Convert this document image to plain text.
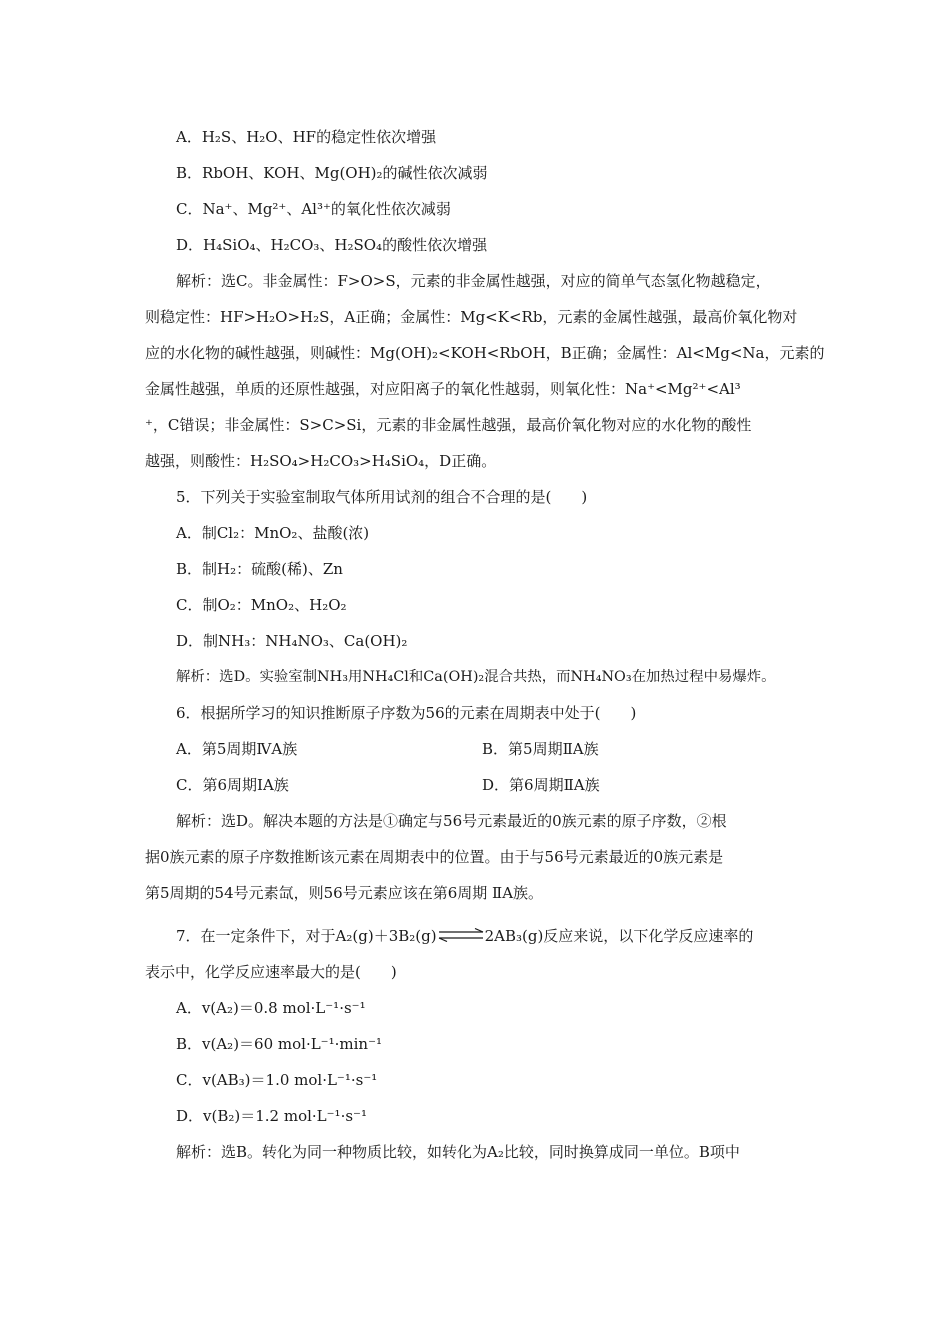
A．H₂S、H₂O、HF的稳定性依次增强
B．RbOH、KOH、Mg(OH)₂的碱性依次减弱
C．Na⁺、Mg²⁺、Al³⁺的氧化性依次减弱
D．H₄SiO₄、H₂CO₃、H₂SO₄的酸性依次增强
解析：选C。非金属性：F>O>S，元素的非金属性越强，对应的简单气态氢化物越稳定，
则稳定性：HF>H₂O>H₂S，A正确；金属性：Mg<K<Rb，元素的金属性越强，最高价氧化物对
应的水化物的碱性越强，则碱性：Mg(OH)₂<KOH<RbOH，B正确；金属性：Al<Mg<Na，元素的
金属性越强，单质的还原性越强，对应阳离子的氧化性越弱，则氧化性：Na⁺<Mg²⁺<Al³
⁺，C错误；非金属性：S>C>Si，元素的非金属性越强，最高价氧化物对应的水化物的酸性
越强，则酸性：H₂SO₄>H₂CO₃>H₄SiO₄，D正确。
5．下列关于实验室制取气体所用试剂的组合不合理的是(　　)
A．制Cl₂：MnO₂、盐酸(浓)
B．制H₂：硫酸(稀)、Zn
C．制O₂：MnO₂、H₂O₂
D．制NH₃：NH₄NO₃、Ca(OH)₂
解析：选D。实验室制NH₃用NH₄Cl和Ca(OH)₂混合共热，而NH₄NO₃在加热过程中易爆炸。
6．根据所学习的知识推断原子序数为56的元素在周期表中处于(　　)
A．第5周期ⅣA族	B．第5周期ⅡA族
C．第6周期ⅠA族	D．第6周期ⅡA族
解析：选D。解决本题的方法是①确定与56号元素最近的0族元素的原子序数，②根
据0族元素的原子序数推断该元素在周期表中的位置。由于与56号元素最近的0族元素是
第5周期的54号元素氙，则56号元素应该在第6周期 ⅡA族。
7．在一定条件下，对于A₂(g)＋3B₂(g)⇌2AB₃(g)反应来说，以下化学反应速率的
表示中，化学反应速率最大的是(　　)
A．v(A₂)＝0.8 mol·L⁻¹·s⁻¹
B．v(A₂)＝60 mol·L⁻¹·min⁻¹
C．v(AB₃)＝1.0 mol·L⁻¹·s⁻¹
D．v(B₂)＝1.2 mol·L⁻¹·s⁻¹
解析：选B。转化为同一种物质比较，如转化为A₂比较，同时换算成同一单位。B项中
